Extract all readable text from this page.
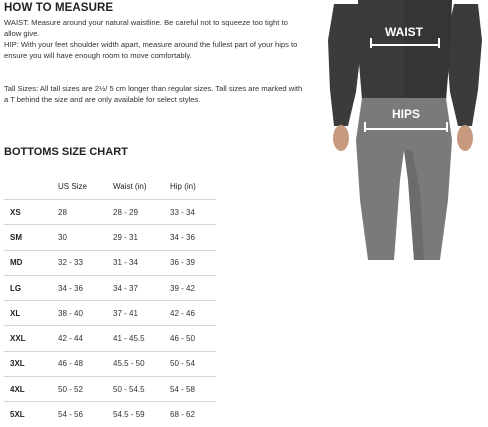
HOW TO MEASURE
WAIST: Measure around your natural waistline. Be careful not to squeeze too tight to allow give.
HIP: With your feet shoulder width apart, measure around the fullest part of your hips to ensure you will have enough room to move comfortably.
Tall Sizes: All tall sizes are 2½/ 5 cm longer than regular sizes. Tall sizes are marked with a T behind the size and are only available for select styles.
BOTTOMS SIZE CHART
	US Size	Waist (in)	Hip (in)
XS	28	28 - 29	33 - 34
SM	30	29 - 31	34 - 36
MD	32 - 33	31 - 34	36 - 39
LG	34 - 36	34 - 37	39 - 42
XL	38 - 40	37 - 41	42 - 46
XXL	42 - 44	41 - 45.5	46 - 50
3XL	46 - 48	45.5 - 50	50 - 54
4XL	50 - 52	50 - 54.5	54 - 58
5XL	54 - 56	54.5 - 59	68 - 62
WAIST
HIPS
